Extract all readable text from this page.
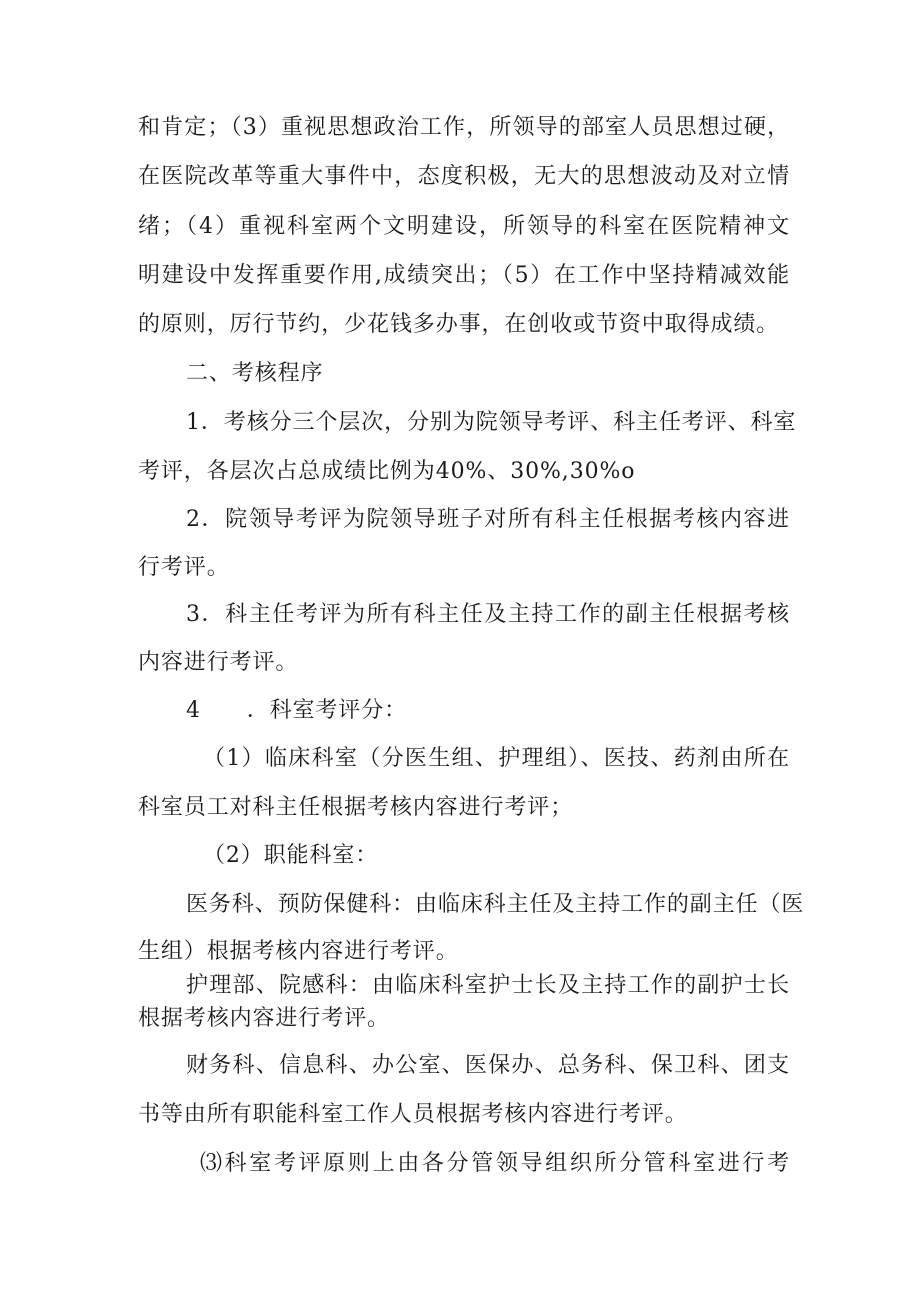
和肯定；（3）重视思想政治工作，所领导的部室人员思想过硬，
在医院改革等重大事件中，态度积极，无大的思想波动及对立情
绪；（4）重视科室两个文明建设，所领导的科室在医院精神文
明建设中发挥重要作用,成绩突出；（5）在工作中坚持精减效能
的原则，厉行节约，少花钱多办事，在创收或节资中取得成绩。
二、考核程序
1．考核分三个层次，分别为院领导考评、科主任考评、科室
考评，各层次占总成绩比例为40%、30%,30%o
2．院领导考评为院领导班子对所有科主任根据考核内容进
行考评。
3．科主任考评为所有科主任及主持工作的副主任根据考核
内容进行考评。
4　　．科室考评分：
（1）临床科室（分医生组、护理组）、医技、药剂由所在
科室员工对科主任根据考核内容进行考评；
（2）职能科室：
医务科、预防保健科：由临床科主任及主持工作的副主任（医
生组）根据考核内容进行考评。
护理部、院感科：由临床科室护士长及主持工作的副护士长
根据考核内容进行考评。
财务科、信息科、办公室、医保办、总务科、保卫科、团支
书等由所有职能科室工作人员根据考核内容进行考评。
⑶科室考评原则上由各分管领导组织所分管科室进行考
